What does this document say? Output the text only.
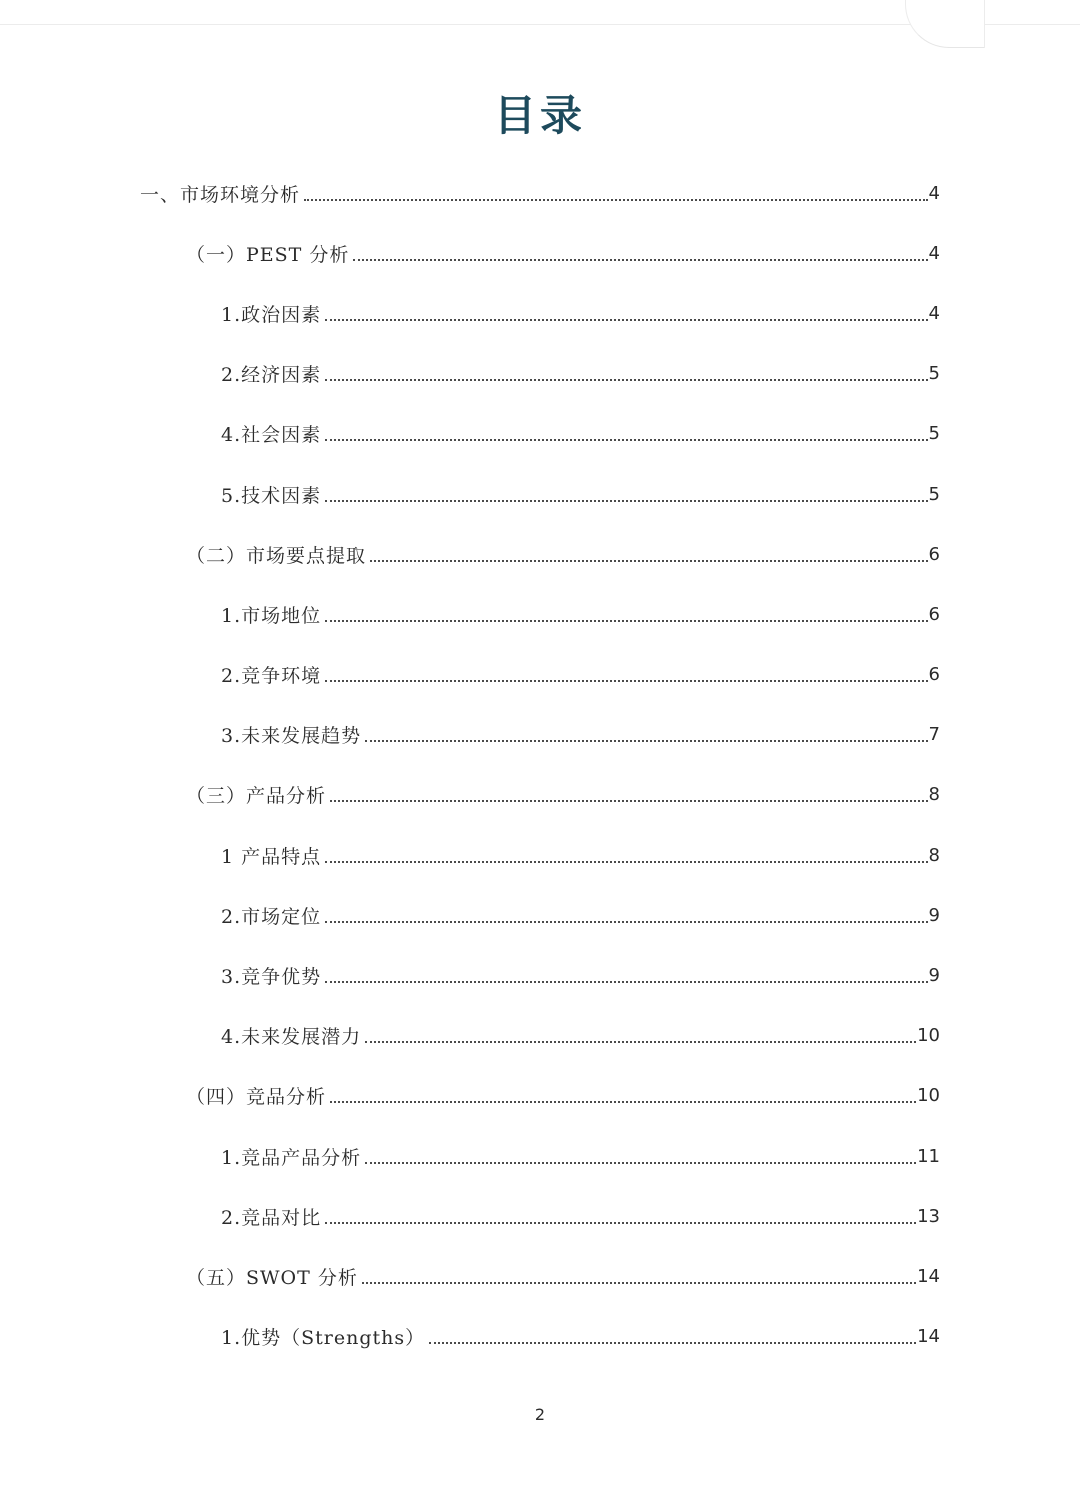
目录
一、市场环境分析	4
（一）PEST 分析	4
1.政治因素	4
2.经济因素	5
4.社会因素	5
5.技术因素	5
（二）市场要点提取	6
1.市场地位	6
2.竞争环境	6
3.未来发展趋势	7
（三）产品分析	8
1 产品特点	8
2.市场定位	9
3.竞争优势	9
4.未来发展潜力	10
（四）竞品分析	10
1.竞品产品分析	11
2.竞品对比	13
（五）SWOT 分析	14
1.优势（Strengths）	14
2
